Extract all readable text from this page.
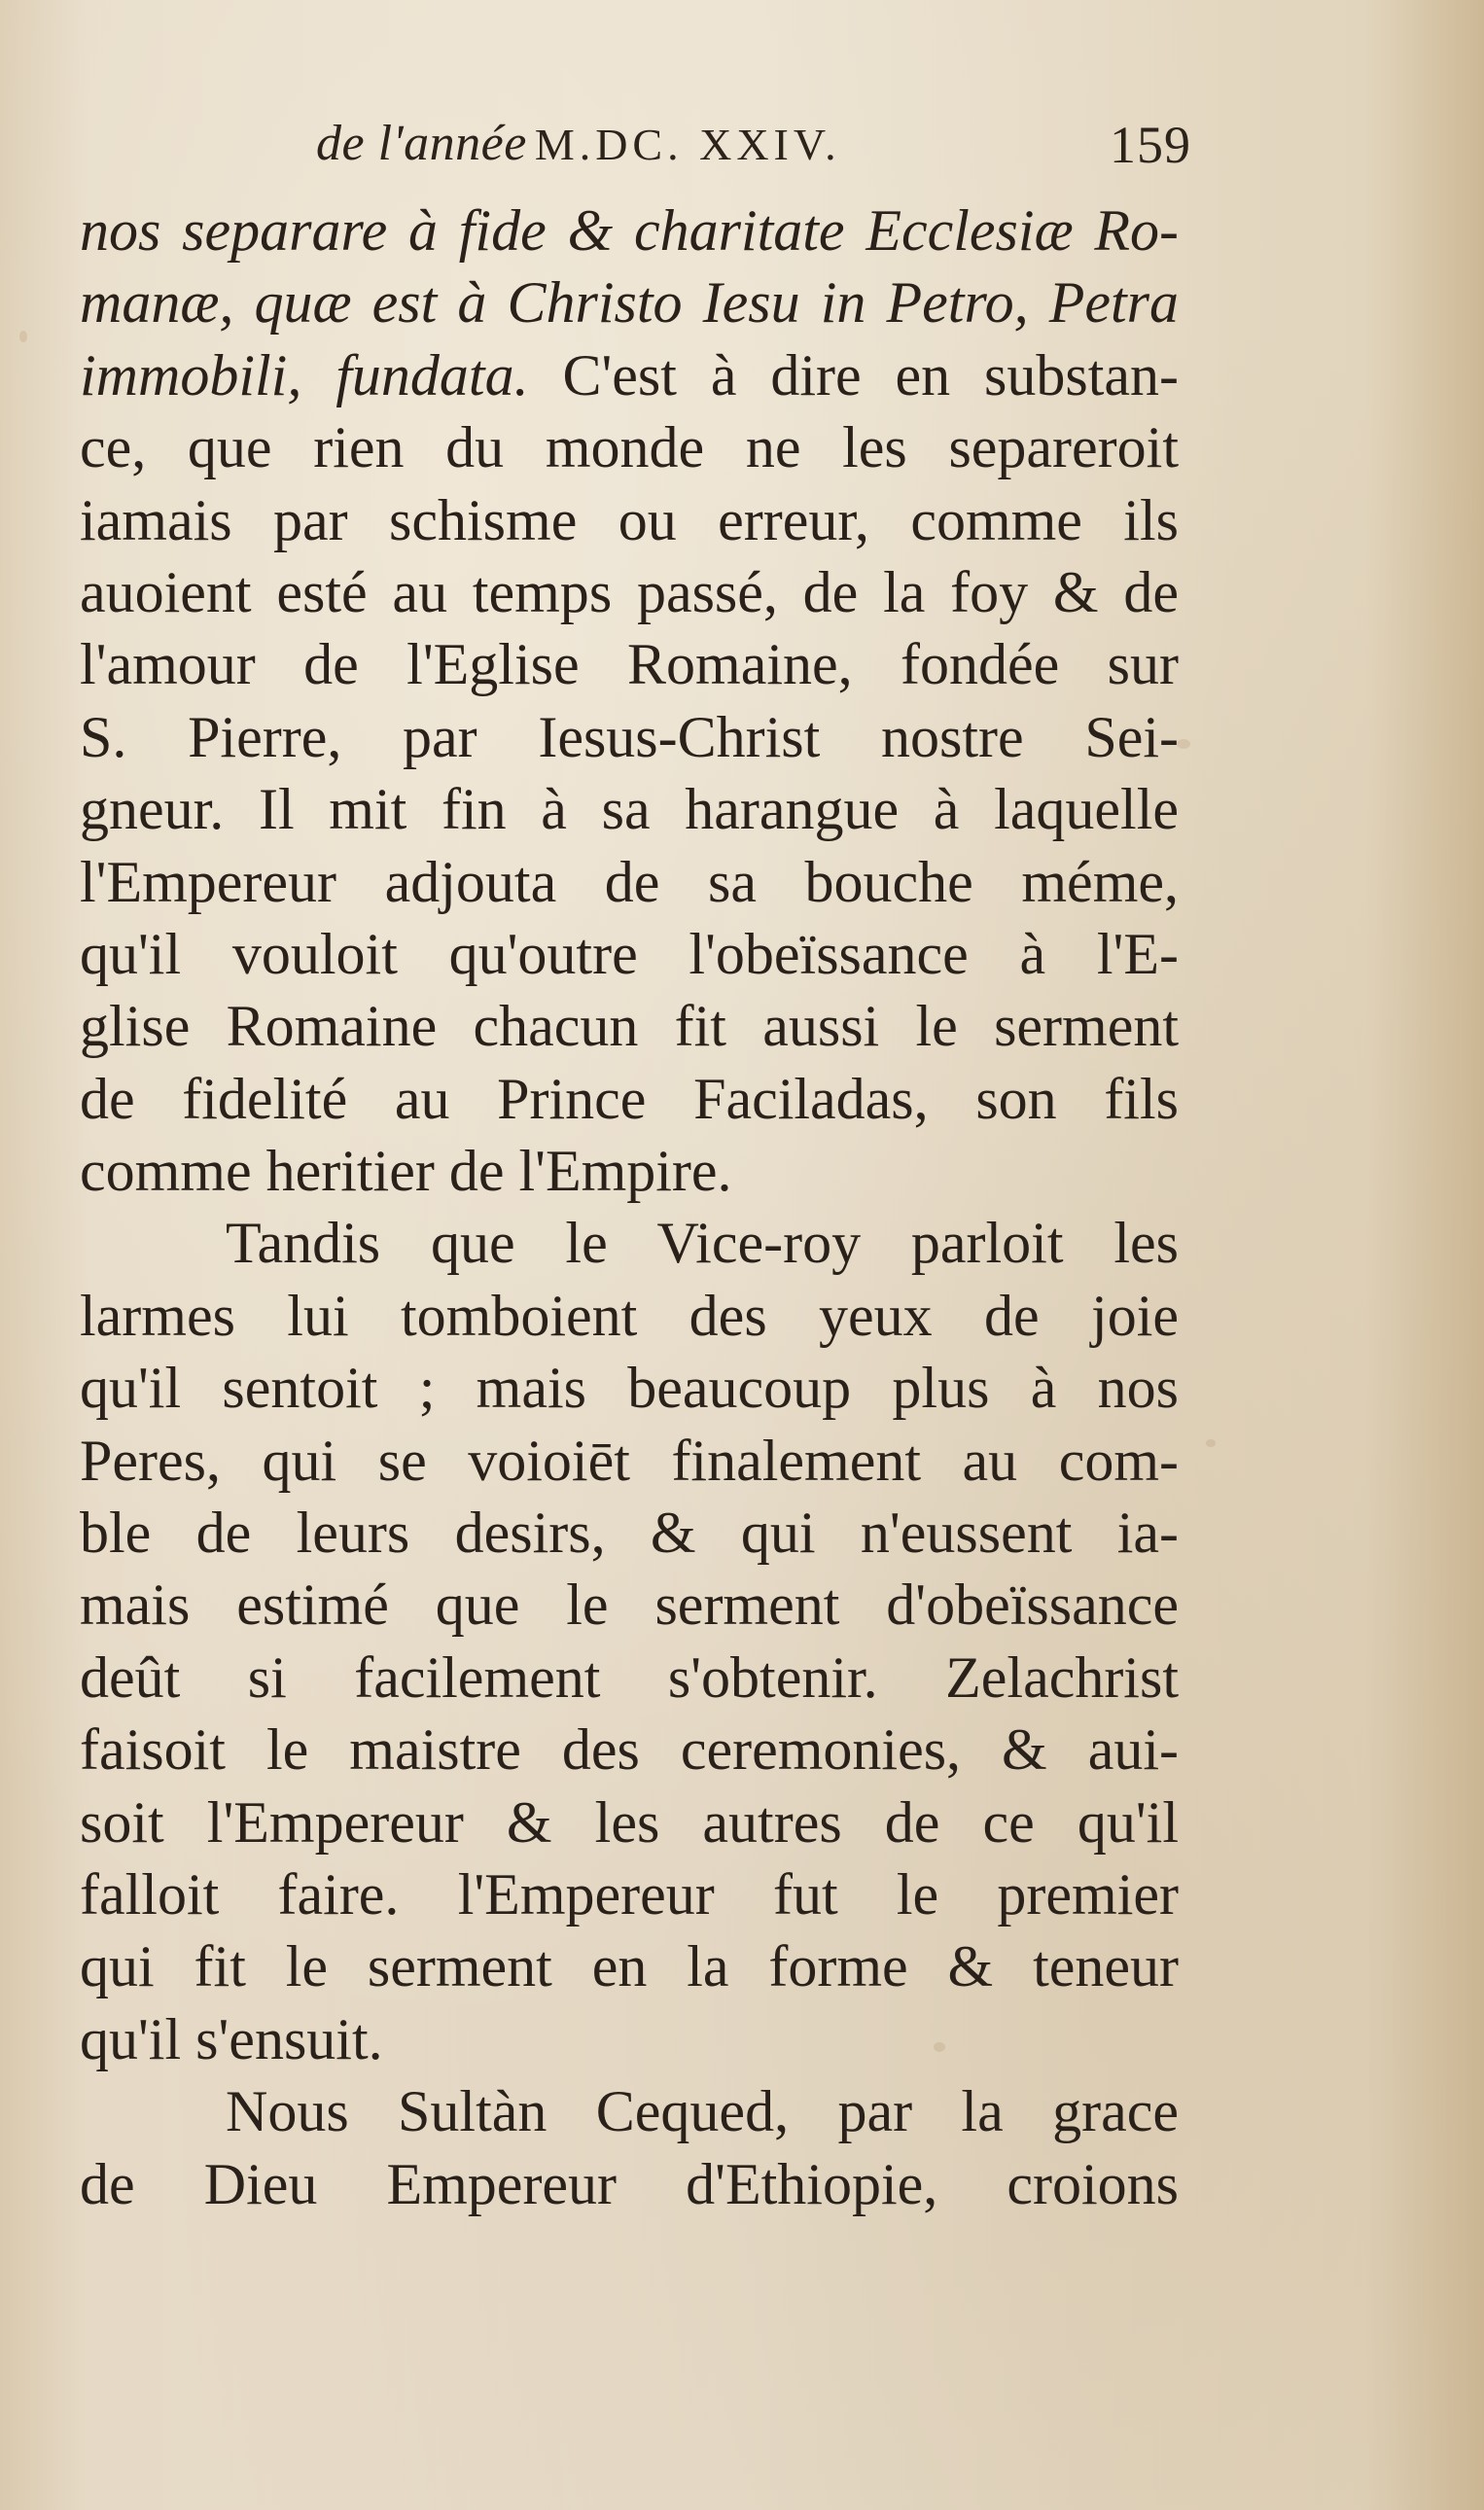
de l'année M.DC. XXIV.	159
nos separare à fide & charitate Ecclesiæ Ro-
manæ, quæ est à Christo Iesu in Petro, Petra
immobili, fundata. C'est à dire en substan-
ce, que rien du monde ne les separeroit
iamais par schisme ou erreur, comme ils
auoient esté au temps passé, de la foy & de
l'amour de l'Eglise Romaine, fondée sur
S. Pierre, par Iesus-Christ nostre Sei-
gneur. Il mit fin à sa harangue à laquelle
l'Empereur adjouta de sa bouche méme,
qu'il vouloit qu'outre l'obeïssance à l'E-
glise Romaine chacun fit aussi le serment
de fidelité au Prince Faciladas, son fils
comme heritier de l'Empire.
Tandis que le Vice-roy parloit les
larmes lui tomboient des yeux de joie
qu'il sentoit ; mais beaucoup plus à nos
Peres, qui se voioiēt finalement au com-
ble de leurs desirs, & qui n'eussent ia-
mais estimé que le serment d'obeïssance
deût si facilement s'obtenir. Zelachrist
faisoit le maistre des ceremonies, & aui-
soit l'Empereur & les autres de ce qu'il
falloit faire. l'Empereur fut le premier
qui fit le serment en la forme & teneur
qu'il s'ensuit.
Nous Sultàn Cequed, par la grace
de Dieu Empereur d'Ethiopie, croions
